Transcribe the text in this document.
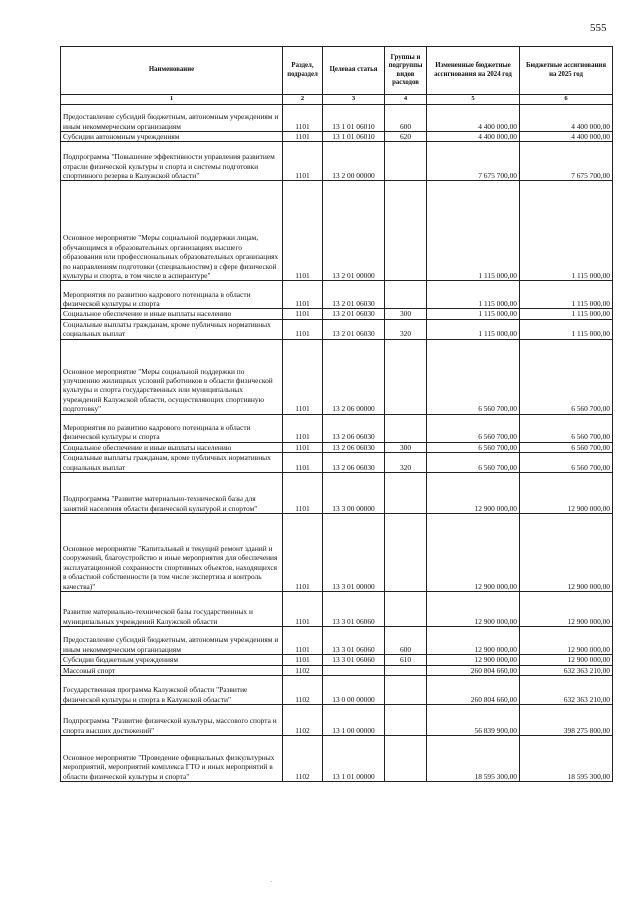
555
Наименование	Раздел, подраздел	Целевая статья	Группы и подгруппы видов расходов	Измененные бюджетные ассигнования на 2024 год	Бюджетные ассигнования на 2025 год
1	2	3	4	5	6
Предоставление субсидий бюджетным, автономным учреждениям и иным некоммерческим организациям	1101	13 1 01 06010	600	4 400 000,00	4 400 000,00
Субсидии автономным учреждениям	1101	13 1 01 06010	620	4 400 000,00	4 400 000,00
Подпрограмма "Повышение эффективности управления развитием отрасли физической культуры и спорта и системы подготовки спортивного резерва в Калужской области"	1101	13 2 00 00000		7 675 700,00	7 675 700,00
Основное мероприятие "Меры социальной поддержки лицам, обучающимся в образовательных организациях высшего образования или профессиональных образовательных организациях по направлениям подготовки (специальностям) в сфере физической культуры и спорта, в том числе в аспирантуре"	1101	13 2 01 00000		1 115 000,00	1 115 000,00
Мероприятия по развитию кадрового потенциала в области физической культуры и спорта	1101	13 2 01 06030		1 115 000,00	1 115 000,00
Социальное обеспечение и иные выплаты населению	1101	13 2 01 06030	300	1 115 000,00	1 115 000,00
Социальные выплаты гражданам, кроме публичных нормативных социальных выплат	1101	13 2 01 06030	320	1 115 000,00	1 115 000,00
Основное мероприятие "Меры социальной поддержки по улучшению жилищных условий работников в области физической культуры и спорта государственных или муниципальных учреждений Калужской области, осуществляющих спортивную подготовку"	1101	13 2 06 00000		6 560 700,00	6 560 700,00
Мероприятия по развитию кадрового потенциала в области физической культуры и спорта	1101	13 2 06 06030		6 560 700,00	6 560 700,00
Социальное обеспечение и иные выплаты населению	1101	13 2 06 06030	300	6 560 700,00	6 560 700,00
Социальные выплаты гражданам, кроме публичных нормативных социальных выплат	1101	13 2 06 06030	320	6 560 700,00	6 560 700,00
Подпрограмма "Развитие материально-технической базы для занятий населения области физической культурой и спортом"	1101	13 3 00 00000		12 900 000,00	12 900 000,00
Основное мероприятие "Капитальный и текущий ремонт зданий и сооружений, благоустройство и иные мероприятия для обеспечения эксплуатационной сохранности спортивных объектов, находящихся в областной собственности (в том числе экспертиза и контроль качества)"	1101	13 3 01 00000		12 900 000,00	12 900 000,00
Развитие материально-технической базы государственных и муниципальных учреждений Калужской области	1101	13 3 01 06060		12 900 000,00	12 900 000,00
Предоставление субсидий бюджетным, автономным учреждениям и иным некоммерческим организациям	1101	13 3 01 06060	600	12 900 000,00	12 900 000,00
Субсидии бюджетным учреждениям	1101	13 3 01 06060	610	12 900 000,00	12 900 000,00
Массовый спорт	1102			260 804 660,00	632 363 210,00
Государственная программа Калужской области "Развитие физической культуры и спорта в Калужской области"	1102	13 0 00 00000		260 804 660,00	632 363 210,00
Подпрограмма "Развитие физической культуры, массового спорта и спорта высших достижений"	1102	13 1 00 00000		56 839 900,00	398 275 800,00
Основное мероприятие "Проведение официальных физкультурных мероприятий, мероприятий комплекса ГТО и иных мероприятий в области физической культуры и спорта"	1102	13 1 01 00000		18 595 300,00	18 595 300,00
·
